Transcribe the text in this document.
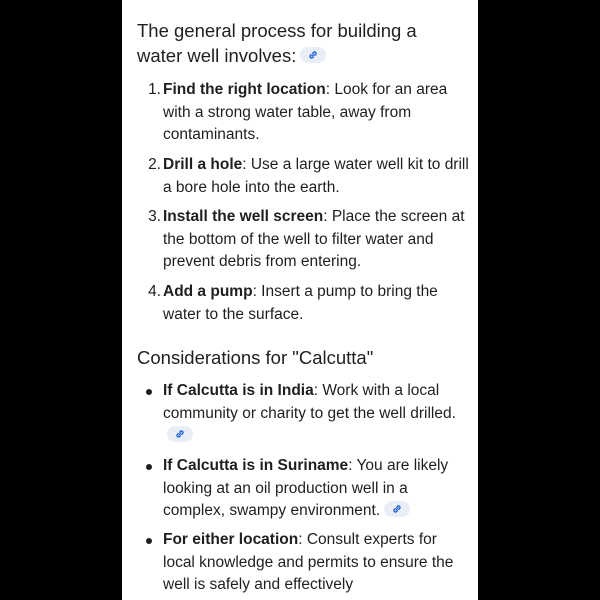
The general process for building a water well involves:
1. Find the right location: Look for an area with a strong water table, away from contaminants.
2. Drill a hole: Use a large water well kit to drill a bore hole into the earth.
3. Install the well screen: Place the screen at the bottom of the well to filter water and prevent debris from entering.
4. Add a pump: Insert a pump to bring the water to the surface.
Considerations for "Calcutta"
If Calcutta is in India: Work with a local community or charity to get the well drilled.
If Calcutta is in Suriname: You are likely looking at an oil production well in a complex, swampy environment.
For either location: Consult experts for local knowledge and permits to ensure the well is safely and effectively
